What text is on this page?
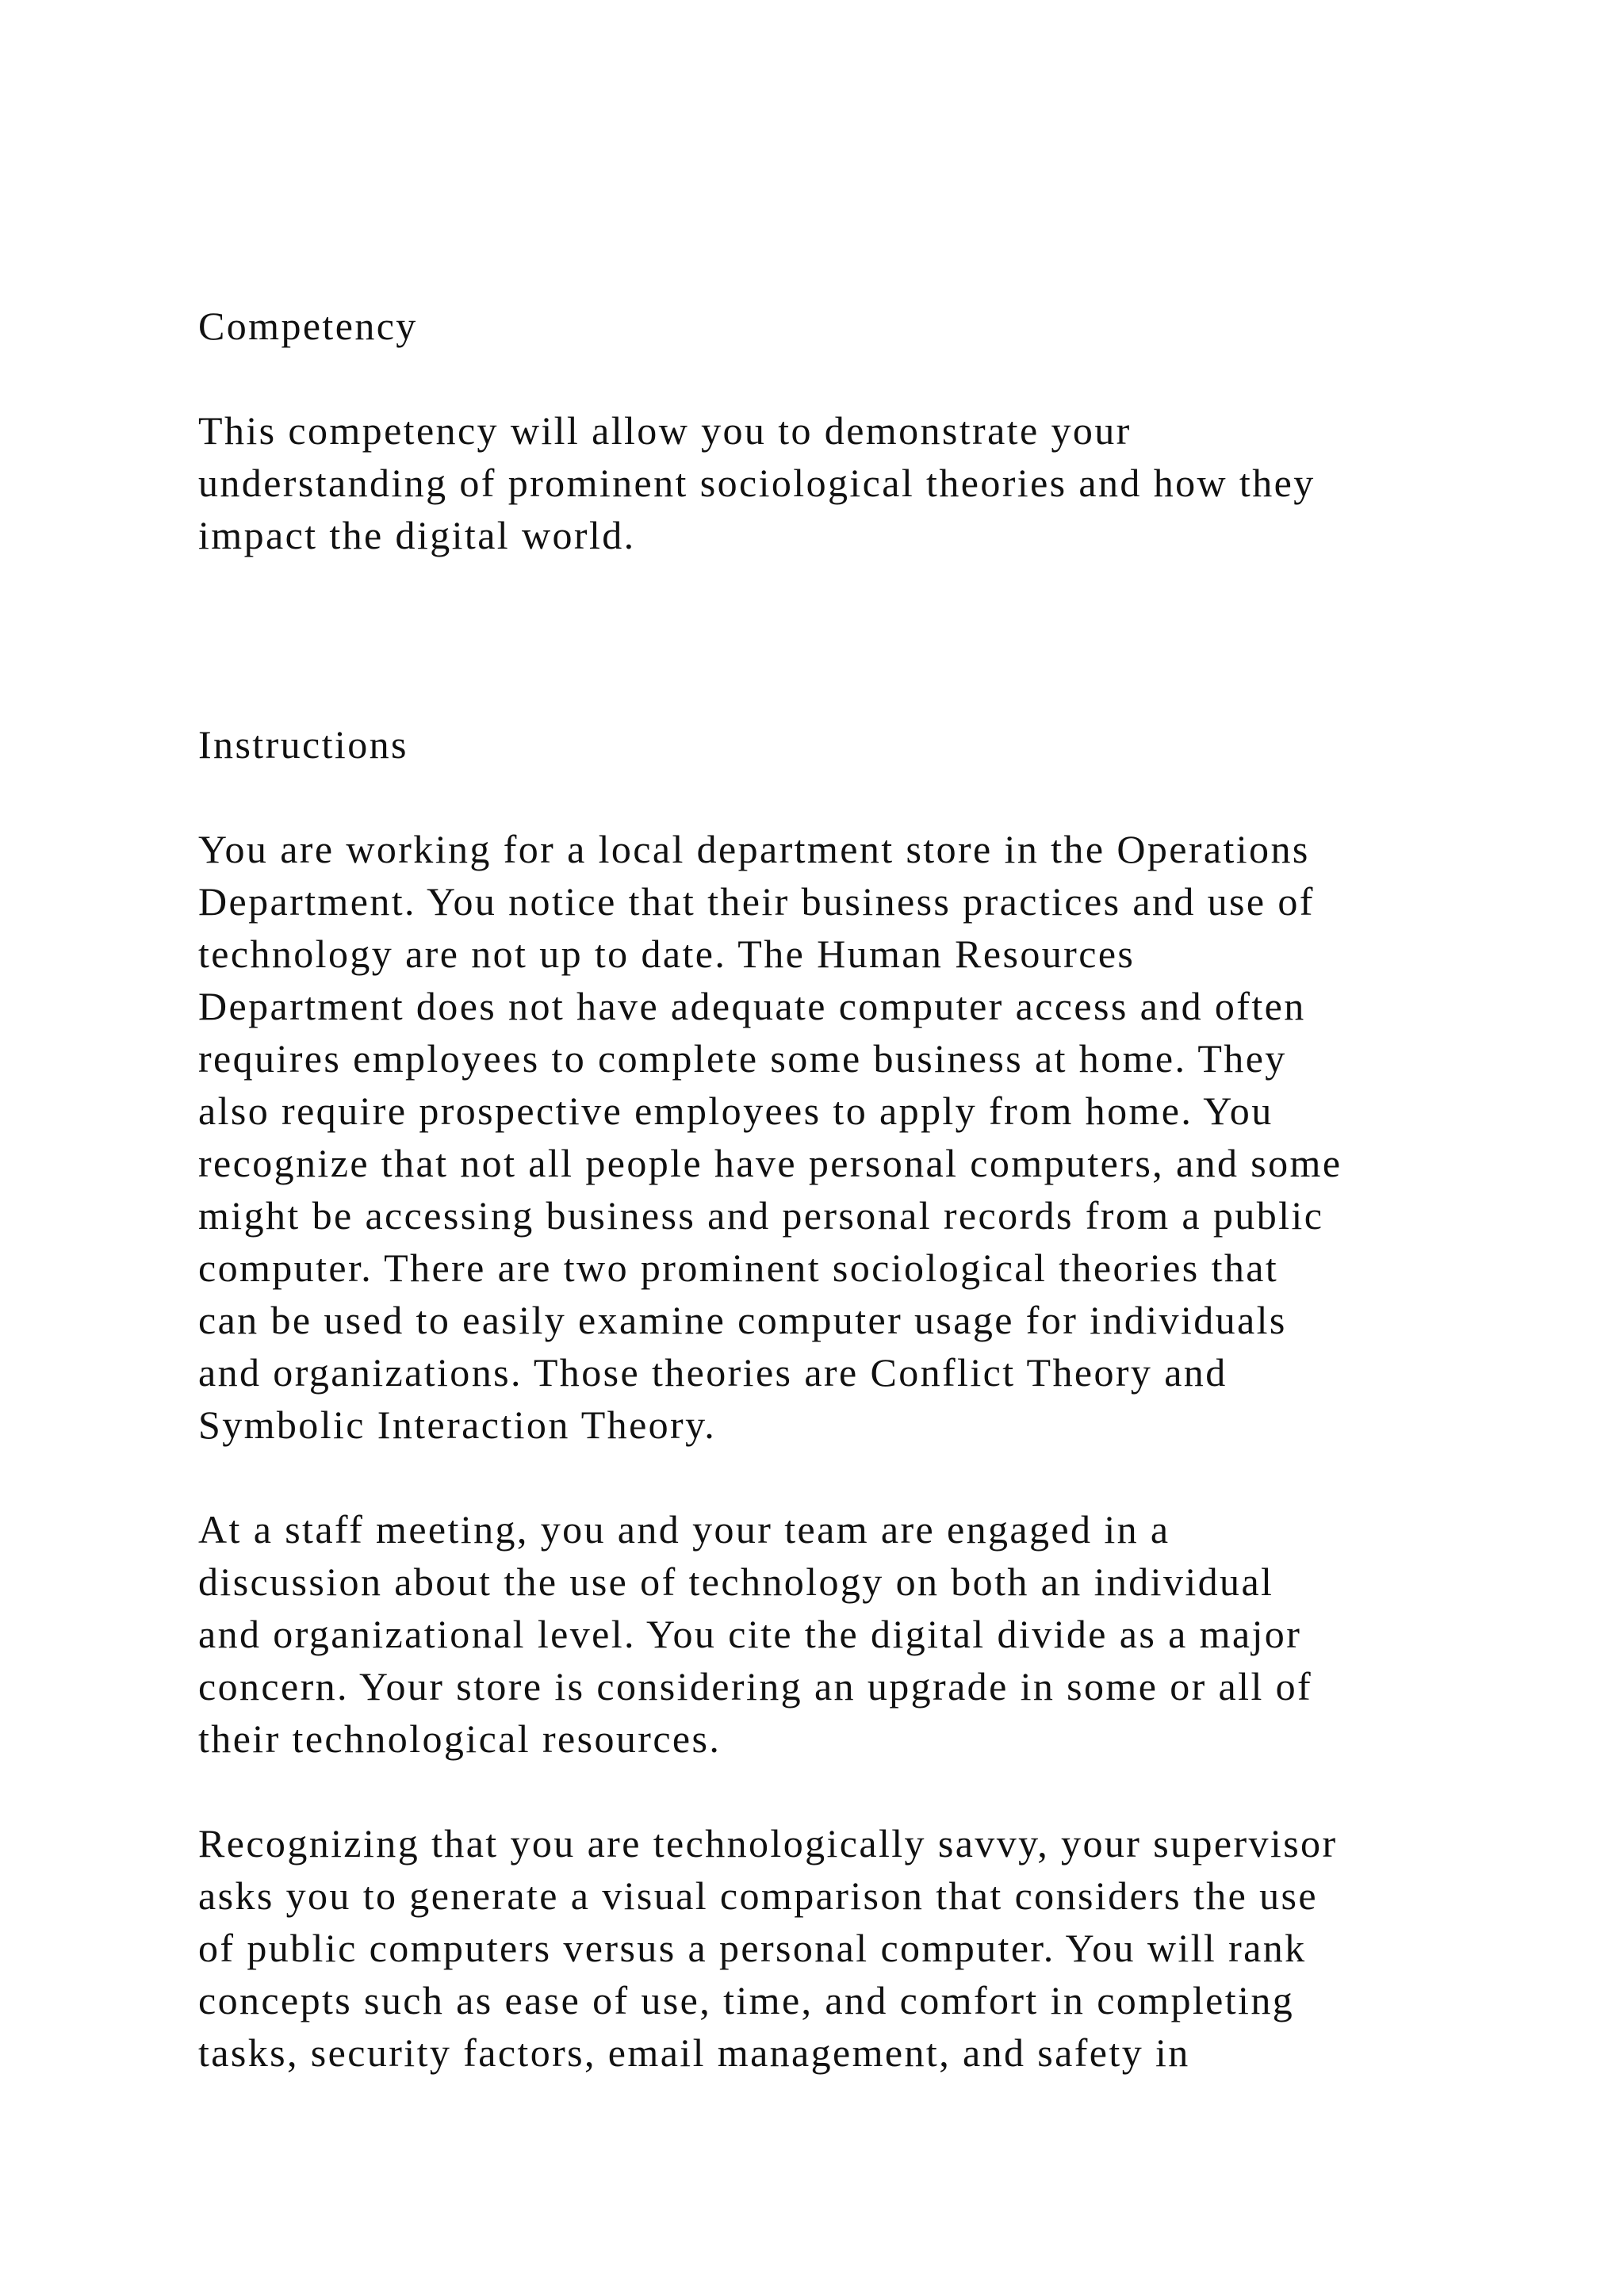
Competency

This competency will allow you to demonstrate your
understanding of prominent sociological theories and how they
impact the digital world.

Instructions

You are working for a local department store in the Operations
Department. You notice that their business practices and use of
technology are not up to date. The Human Resources
Department does not have adequate computer access and often
requires employees to complete some business at home. They
also require prospective employees to apply from home. You
recognize that not all people have personal computers, and some
might be accessing business and personal records from a public
computer. There are two prominent sociological theories that
can be used to easily examine computer usage for individuals
and organizations. Those theories are Conflict Theory and
Symbolic Interaction Theory.

At a staff meeting, you and your team are engaged in a
discussion about the use of technology on both an individual
and organizational level. You cite the digital divide as a major
concern. Your store is considering an upgrade in some or all of
their technological resources.

Recognizing that you are technologically savvy, your supervisor
asks you to generate a visual comparison that considers the use
of public computers versus a personal computer. You will rank
concepts such as ease of use, time, and comfort in completing
tasks, security factors, email management, and safety in
